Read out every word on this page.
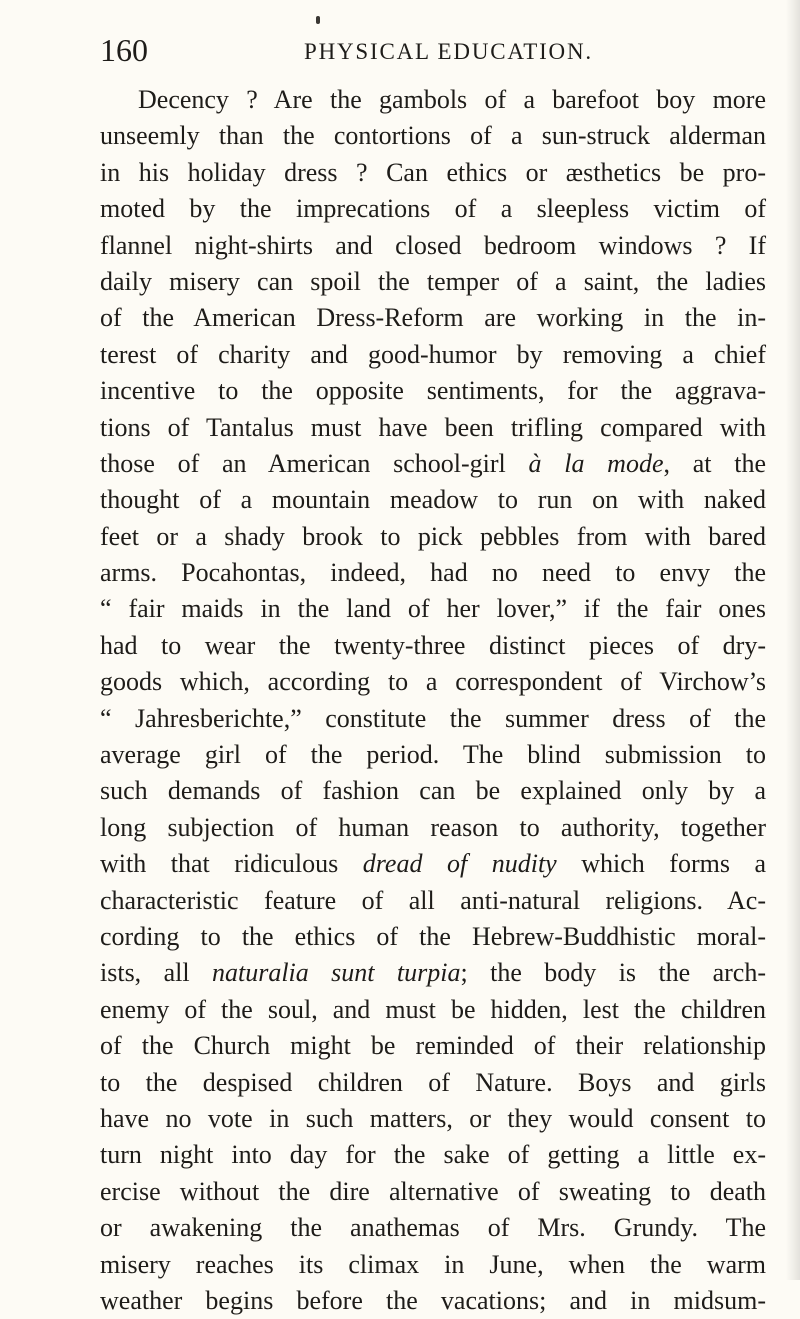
160	PHYSICAL EDUCATION.
Decency ? Are the gambols of a barefoot boy more
unseemly than the contortions of a sun-struck alderman
in his holiday dress ? Can ethics or æsthetics be pro-
moted by the imprecations of a sleepless victim of
flannel night-shirts and closed bedroom windows ? If
daily misery can spoil the temper of a saint, the ladies
of the American Dress-Reform are working in the in-
terest of charity and good-humor by removing a chief
incentive to the opposite sentiments, for the aggrava-
tions of Tantalus must have been trifling compared with
those of an American school-girl à la mode, at the
thought of a mountain meadow to run on with naked
feet or a shady brook to pick pebbles from with bared
arms. Pocahontas, indeed, had no need to envy the
“ fair maids in the land of her lover,” if the fair ones
had to wear the twenty-three distinct pieces of dry-
goods which, according to a correspondent of Virchow’s
“ Jahresberichte,” constitute the summer dress of the
average girl of the period. The blind submission to
such demands of fashion can be explained only by a
long subjection of human reason to authority, together
with that ridiculous dread of nudity which forms a
characteristic feature of all anti-natural religions. Ac-
cording to the ethics of the Hebrew-Buddhistic moral-
ists, all naturalia sunt turpia; the body is the arch-
enemy of the soul, and must be hidden, lest the children
of the Church might be reminded of their relationship
to the despised children of Nature. Boys and girls
have no vote in such matters, or they would consent to
turn night into day for the sake of getting a little ex-
ercise without the dire alternative of sweating to death
or awakening the anathemas of Mrs. Grundy. The
misery reaches its climax in June, when the warm
weather begins before the vacations; and in midsum-
